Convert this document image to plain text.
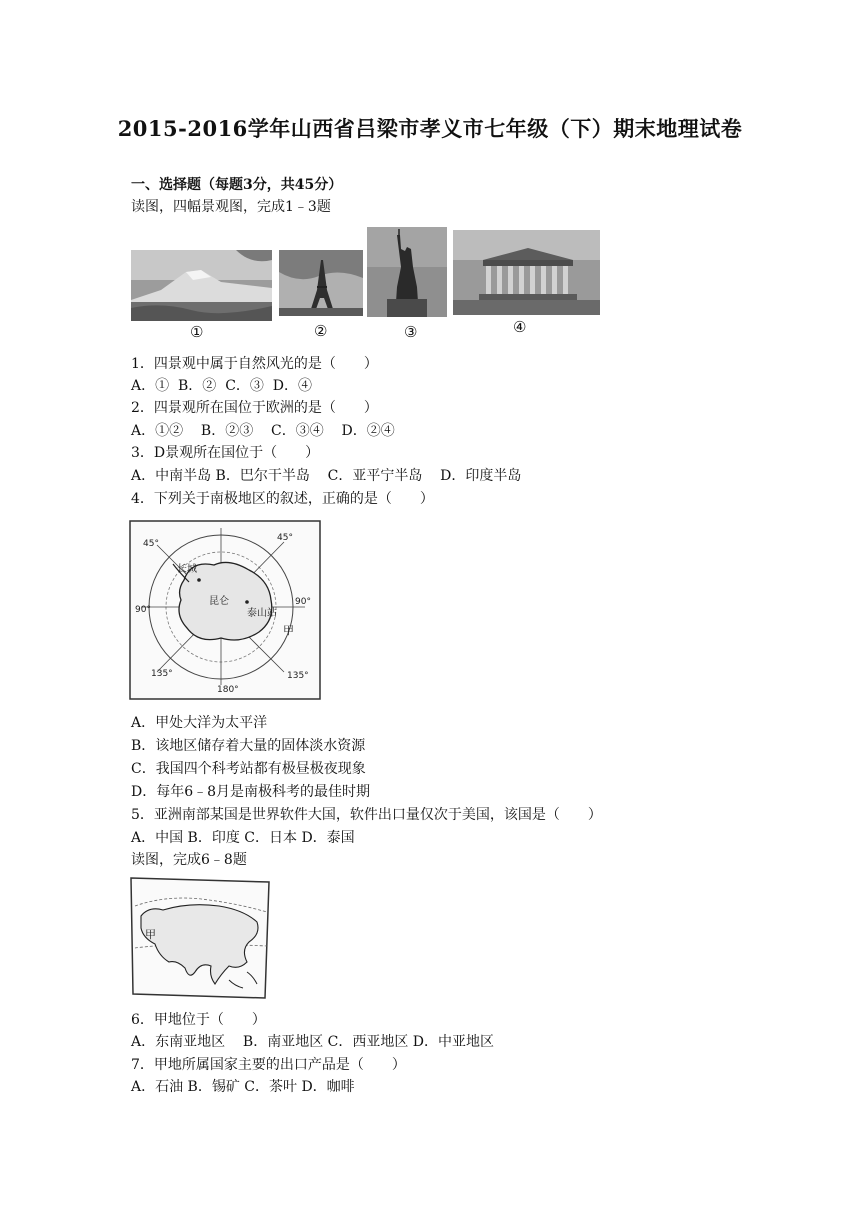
2015-2016学年山西省吕梁市孝义市七年级（下）期末地理试卷
一、选择题（每题3分，共45分）
读图，四幅景观图，完成1﹣3题
①	②	③	④
1．四景观中属于自然风光的是（　　）
A．①  B．②  C．③  D．④
2．四景观所在国位于欧洲的是（　　）
A．①②    B．②③    C．③④    D．②④
3．D景观所在国位于（　　）
A．中南半岛 B．巴尔干半岛    C．亚平宁半岛    D．印度半岛
4．下列关于南极地区的叙述，正确的是（　　）
45°
45°
90°
90°
135°
180°
135°
长城
昆仑
泰山站
甲
A．甲处大洋为太平洋
B．该地区储存着大量的固体淡水资源
C．我国四个科考站都有极昼极夜现象
D．每年6﹣8月是南极科考的最佳时期
5．亚洲南部某国是世界软件大国，软件出口量仅次于美国，该国是（　　）
A．中国 B．印度 C．日本 D．泰国
读图，完成6﹣8题
甲
6．甲地位于（　　）
A．东南亚地区    B．南亚地区 C．西亚地区 D．中亚地区
7．甲地所属国家主要的出口产品是（　　）
A．石油 B．锡矿 C．茶叶 D．咖啡
